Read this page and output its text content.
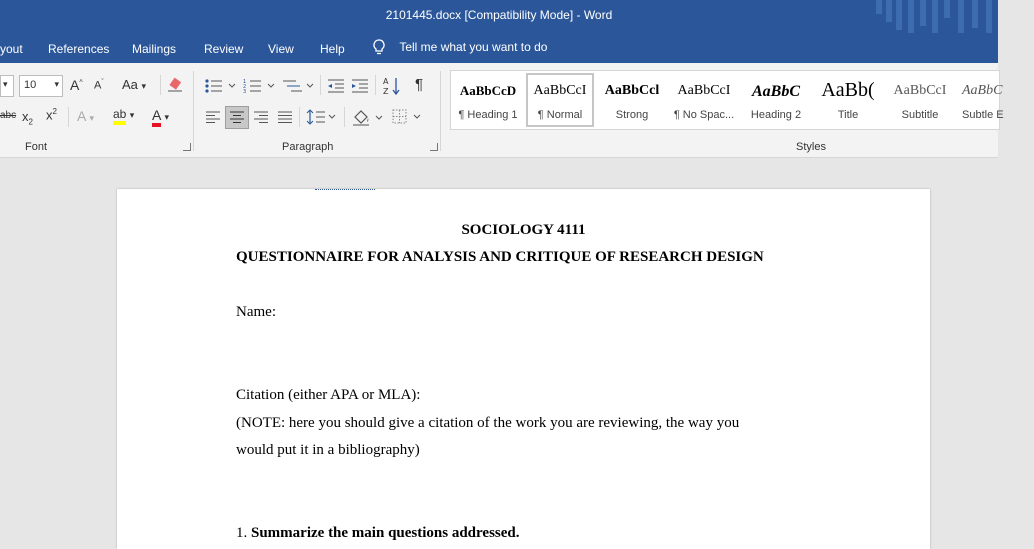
2101445.docx [Compatibility Mode] - Word
yout References Mailings Review View Help	Tell me what you want to do
▾ 10 ▾ A^ $A^ˇ$ Aa ▾
abc $x_2$ $x^2$ A ▾ ab ▾ A ▾
Font
1
2
3
A
Z ¶
Paragraph
AaBbCcD
¶ Heading 1
AaBbCcI
¶ Normal
AaBbCcl
Strong
AaBbCcI
¶ No Spac...
AaBbC
Heading 2
AaBb(
Title
AaBbCcI
Subtitle
AaBbC
Subtle E
Styles
SOCIOLOGY 4111
QUESTIONNAIRE FOR ANALYSIS AND CRITIQUE OF RESEARCH DESIGN
Name:
Citation (either APA or MLA):
(NOTE: here you should give a citation of the work you are reviewing, the way you
would put it in a bibliography)
1. Summarize the main questions addressed.
